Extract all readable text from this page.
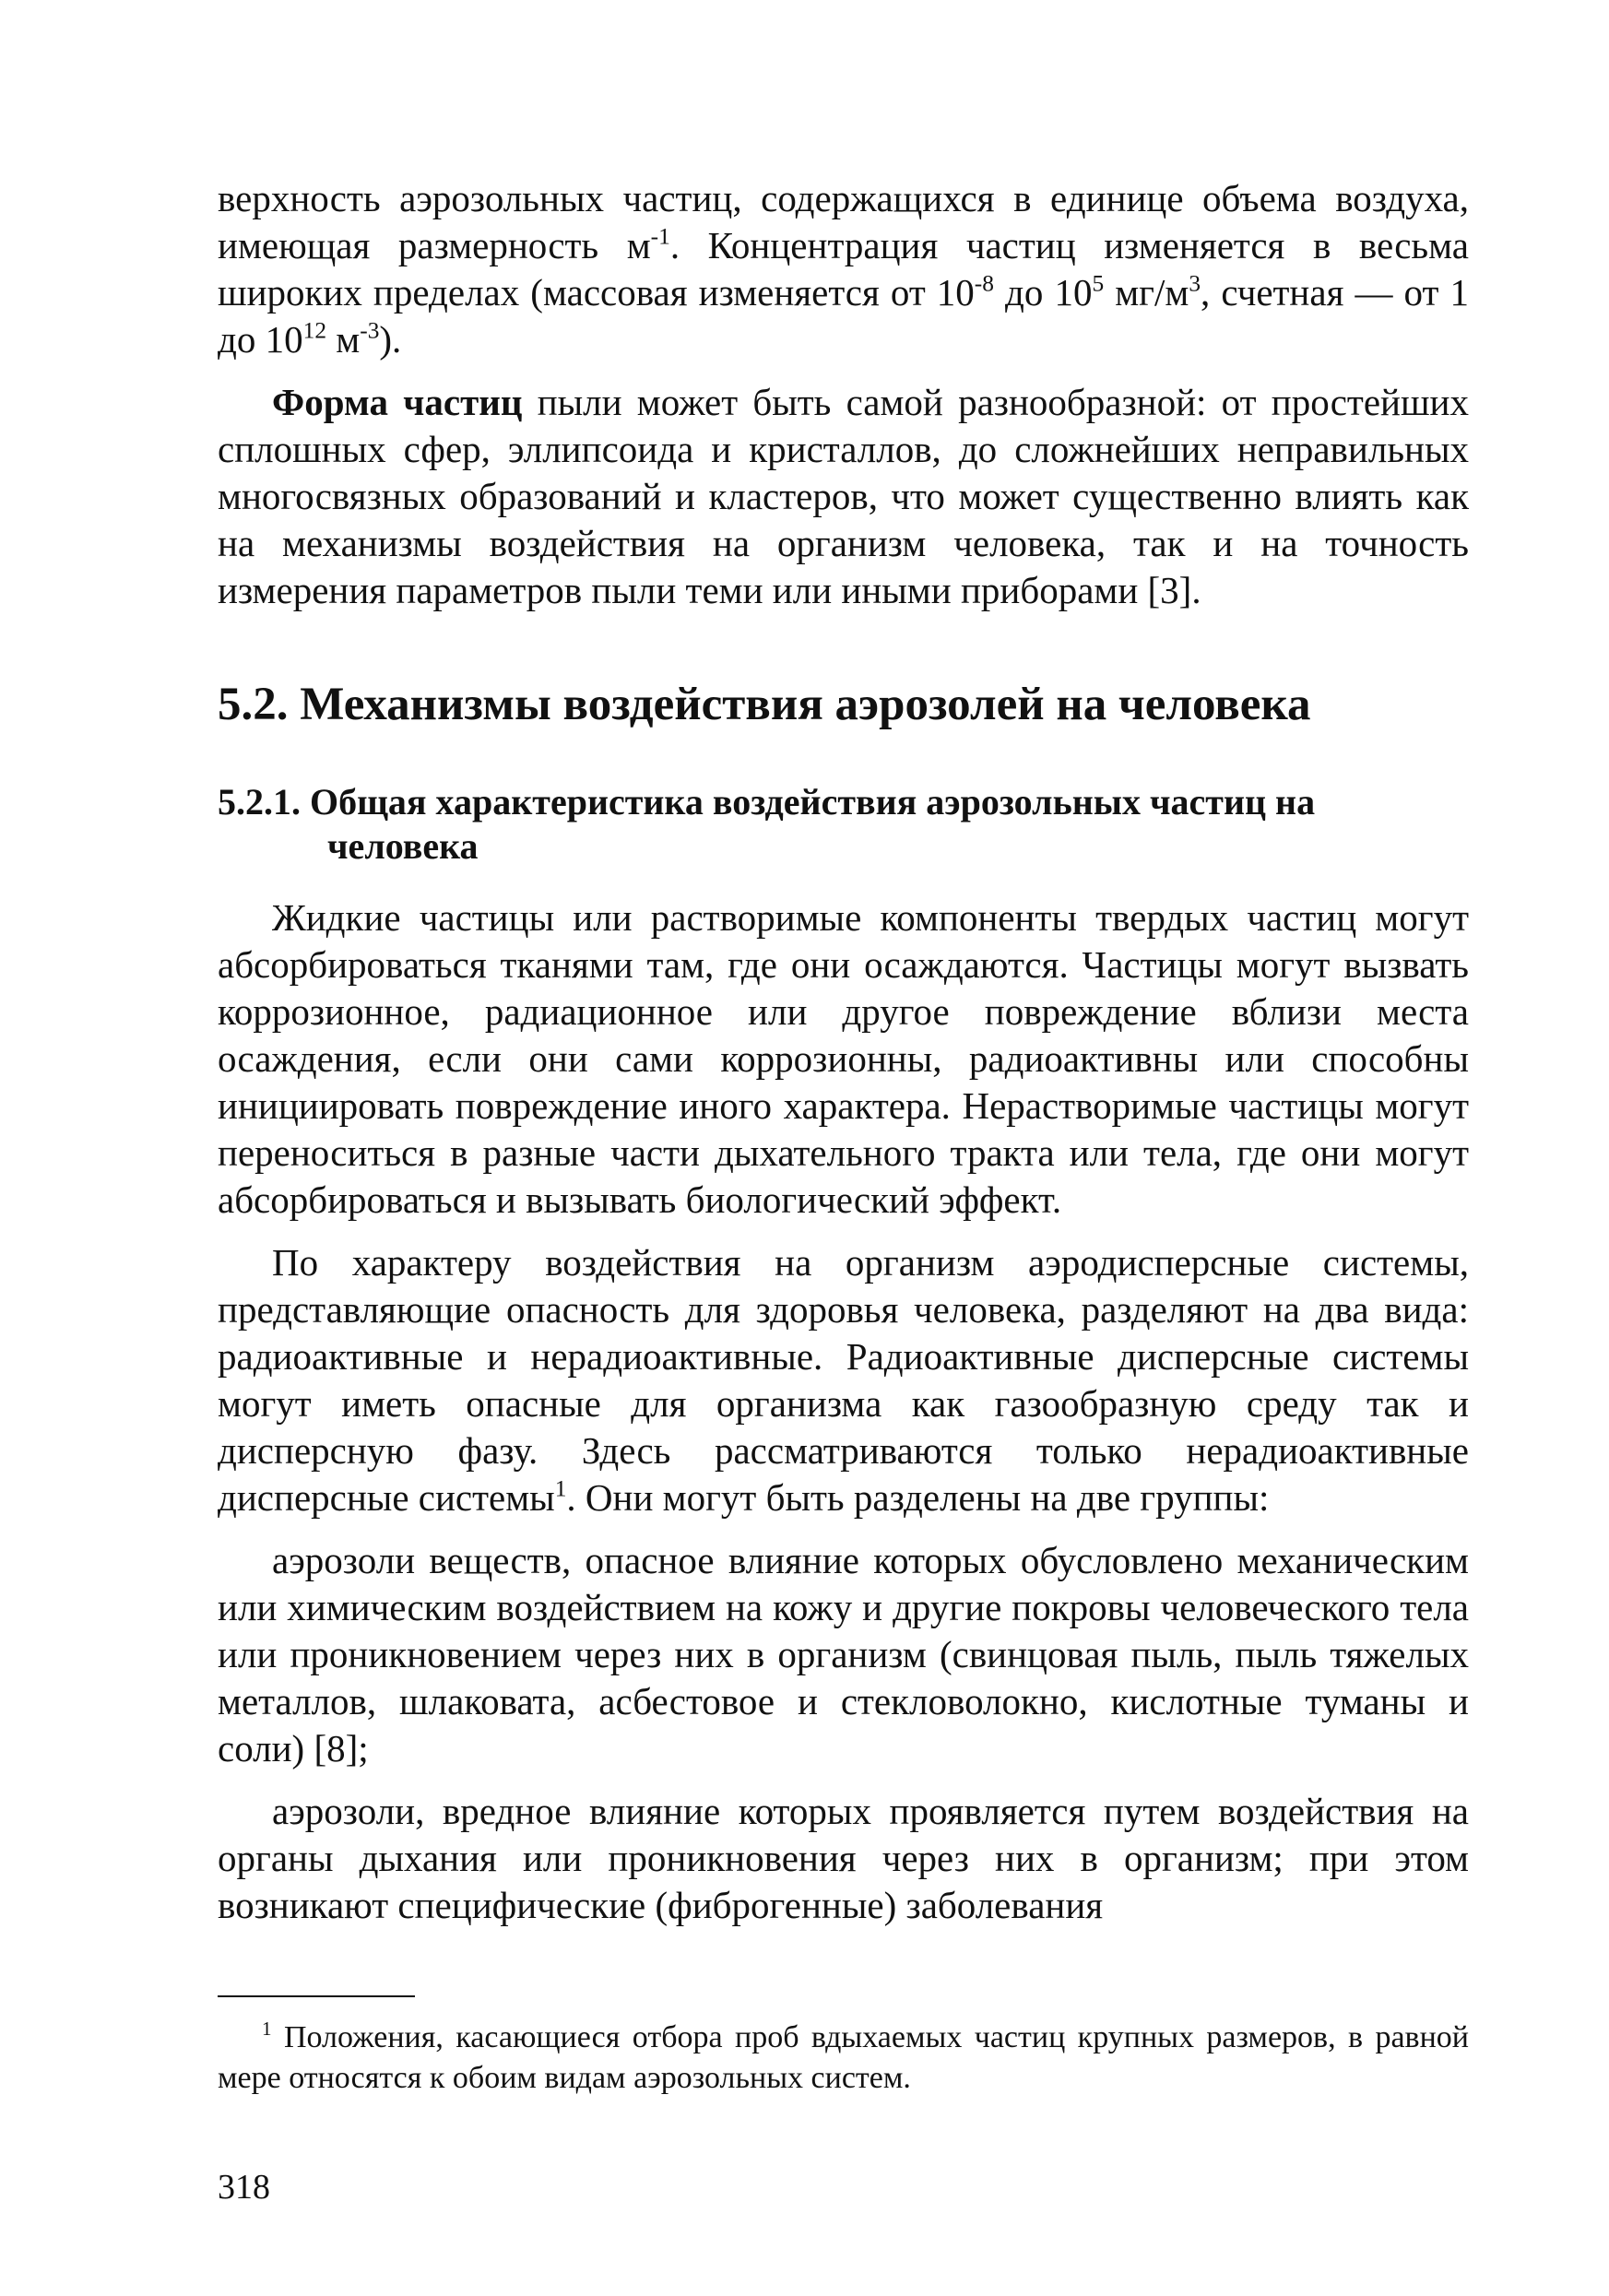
верхность аэрозольных частиц, содержащихся в единице объема воздуха, имеющая размерность $м^{-1}$. Концентрация частиц изменяется в весьма широких пределах (массовая изменяется от $10^{-8}$ до $10^5$ $мг/м^3$, счетная — от 1 до $10^{12}$ $м^{-3}$).

Форма частиц пыли может быть самой разнообразной: от простейших сплошных сфер, эллипсоида и кристаллов, до сложнейших неправильных многосвязных образований и кластеров, что может существенно влиять как на механизмы воздействия на организм человека, так и на точность измерения параметров пыли теми или иными приборами [3].

5.2. Механизмы воздействия аэрозолей на человека
5.2.1. Общая характеристика воздействия аэрозольных частиц на человека

Жидкие частицы или растворимые компоненты твердых частиц могут абсорбироваться тканями там, где они осаждаются. Частицы могут вызвать коррозионное, радиационное или другое повреждение вблизи места осаждения, если они сами коррозионны, радиоактивны или способны инициировать повреждение иного характера. Нерастворимые частицы могут переноситься в разные части дыхательного тракта или тела, где они могут абсорбироваться и вызывать биологический эффект.

По характеру воздействия на организм аэродисперсные системы, представляющие опасность для здоровья человека, разделяют на два вида: радиоактивные и нерадиоактивные. Радиоактивные дисперсные системы могут иметь опасные для организма как газообразную среду так и дисперсную фазу. Здесь рассматриваются только нерадиоактивные дисперсные системы$^1$. Они могут быть разделены на две группы:

аэрозоли веществ, опасное влияние которых обусловлено механическим или химическим воздействием на кожу и другие покровы человеческого тела или проникновением через них в организм (свинцовая пыль, пыль тяжелых металлов, шлаковата, асбестовое и стекловолокно, кислотные туманы и соли) [8];

аэрозоли, вредное влияние которых проявляется путем воздействия на органы дыхания или проникновения через них в организм; при этом возникают специфические (фиброгенные) заболевания

$^1$ Положения, касающиеся отбора проб вдыхаемых частиц крупных размеров, в равной мере относятся к обоим видам аэрозольных систем.

318
